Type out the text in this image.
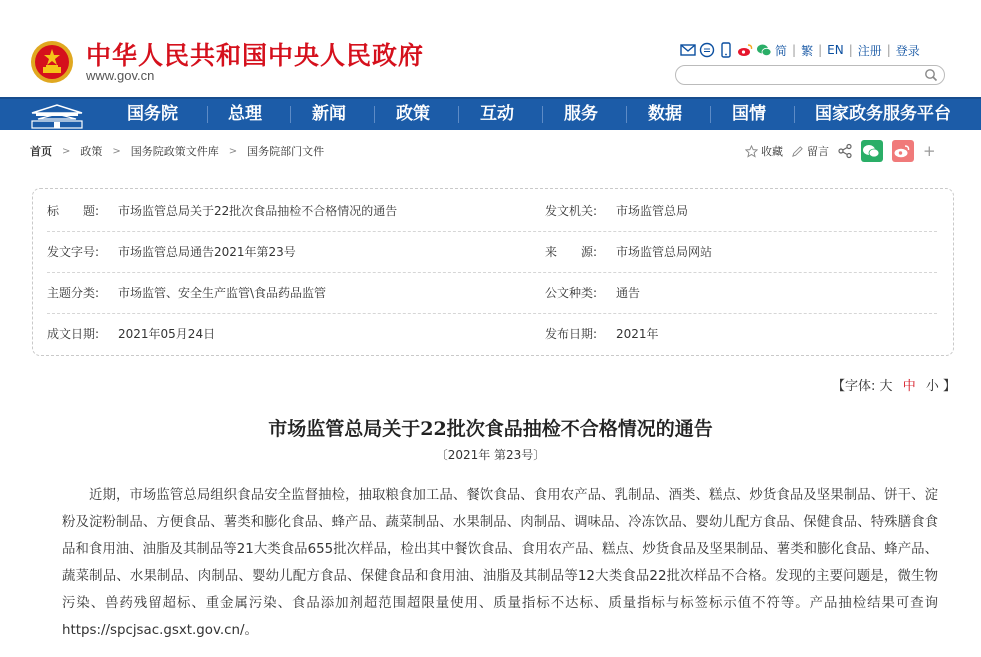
中华人民共和国中央人民政府
www.gov.cn
简 | 繁 | EN | 注册 | 登录
国务院	总理	新闻	政策	互动	服务	数据	国情	国家政务服务平台
首页 > 政策 > 国务院政策文件库 > 国务院部门文件	收藏 留言	+
标　　题: 市场监管总局关于22批次食品抽检不合格情况的通告	发文机关: 市场监管总局
发文字号: 市场监管总局通告2021年第23号	来　　源: 市场监管总局网站
主题分类: 市场监管、安全生产监管\食品药品监管	公文种类: 通告
成文日期: 2021年05月24日	发布日期: 2021年
【字体: 大 中 小 】
市场监管总局关于22批次食品抽检不合格情况的通告
〔2021年 第23号〕
近期，市场监管总局组织食品安全监督抽检，抽取粮食加工品、餐饮食品、食用农产品、乳制品、酒类、糕点、炒货食品及坚果制品、饼干、淀粉及淀粉制品、方便食品、薯类和膨化食品、蜂产品、蔬菜制品、水果制品、肉制品、调味品、冷冻饮品、婴幼儿配方食品、保健食品、特殊膳食食品和食用油、油脂及其制品等21大类食品655批次样品，检出其中餐饮食品、食用农产品、糕点、炒货食品及坚果制品、薯类和膨化食品、蜂产品、蔬菜制品、水果制品、肉制品、婴幼儿配方食品、保健食品和食用油、油脂及其制品等12大类食品22批次样品不合格。发现的主要问题是，微生物污染、兽药残留超标、重金属污染、食品添加剂超范围超限量使用、质量指标不达标、质量指标与标签标示值不符等。产品抽检结果可查询https://spcjsac.gsxt.gov.cn/。
